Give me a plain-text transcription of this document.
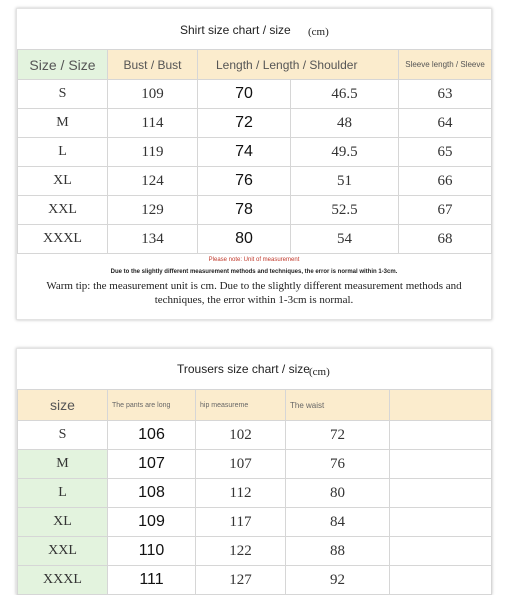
Shirt size chart / size (cm)
Size / Size	Bust / Bust	Length / Length / Shoulder		Sleeve length / Sleeve
S	109	70	46.5	63
M	114	72	48	64
L	119	74	49.5	65
XL	124	76	51	66
XXL	129	78	52.5	67
XXXL	134	80	54	68
Please note: Unit of measurement
Due to the slightly different measurement methods and techniques, the error is normal within 1-3cm.
Warm tip: the measurement unit is cm. Due to the slightly different measurement methods and techniques, the error within 1-3cm is normal.
Trousers size chart / size (cm)
size	The pants are long	hip measureme	The waist	
S	106	102	72	
M	107	107	76	
L	108	112	80	
XL	109	117	84	
XXL	110	122	88	
XXXL	111	127	92	
